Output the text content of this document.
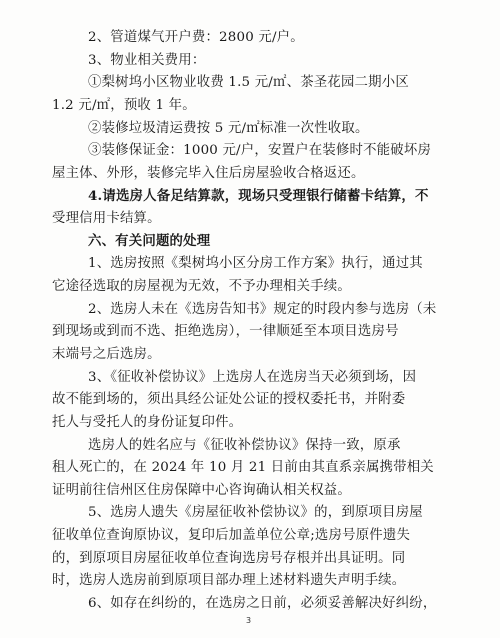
2、管道煤气开户费：2800 元/户。
3、物业相关费用：
①梨树坞小区物业收费 1.5 元/㎡、茶圣花园二期小区
1.2 元/㎡，预收 1 年。
②装修垃圾清运费按 5 元/㎡标准一次性收取。
③装修保证金：1000 元/户，安置户在装修时不能破坏房
屋主体、外形，装修完毕入住后房屋验收合格返还。
4.请选房人备足结算款，现场只受理银行储蓄卡结算，不
受理信用卡结算。
六、有关问题的处理
1、选房按照《梨树坞小区分房工作方案》执行，通过其
它途径选取的房屋视为无效，不予办理相关手续。
2、选房人未在《选房告知书》规定的时段内参与选房（未
到现场或到而不选、拒绝选房），一律顺延至本项目选房号
末端号之后选房。
3、《征收补偿协议》上选房人在选房当天必须到场，因
故不能到场的，须出具经公证处公证的授权委托书，并附委
托人与受托人的身份证复印件。
选房人的姓名应与《征收补偿协议》保持一致，原承
租人死亡的，在 2024 年 10 月 21 日前由其直系亲属携带相关
证明前往信州区住房保障中心咨询确认相关权益。
3
5、选房人遗失《房屋征收补偿协议》的，到原项目房屋
征收单位查询原协议，复印后加盖单位公章;选房号原件遗失
的，到原项目房屋征收单位查询选房号存根并出具证明。同
时，选房人选房前到原项目部办理上述材料遗失声明手续。
6、如存在纠纷的，在选房之日前，必须妥善解决好纠纷，
